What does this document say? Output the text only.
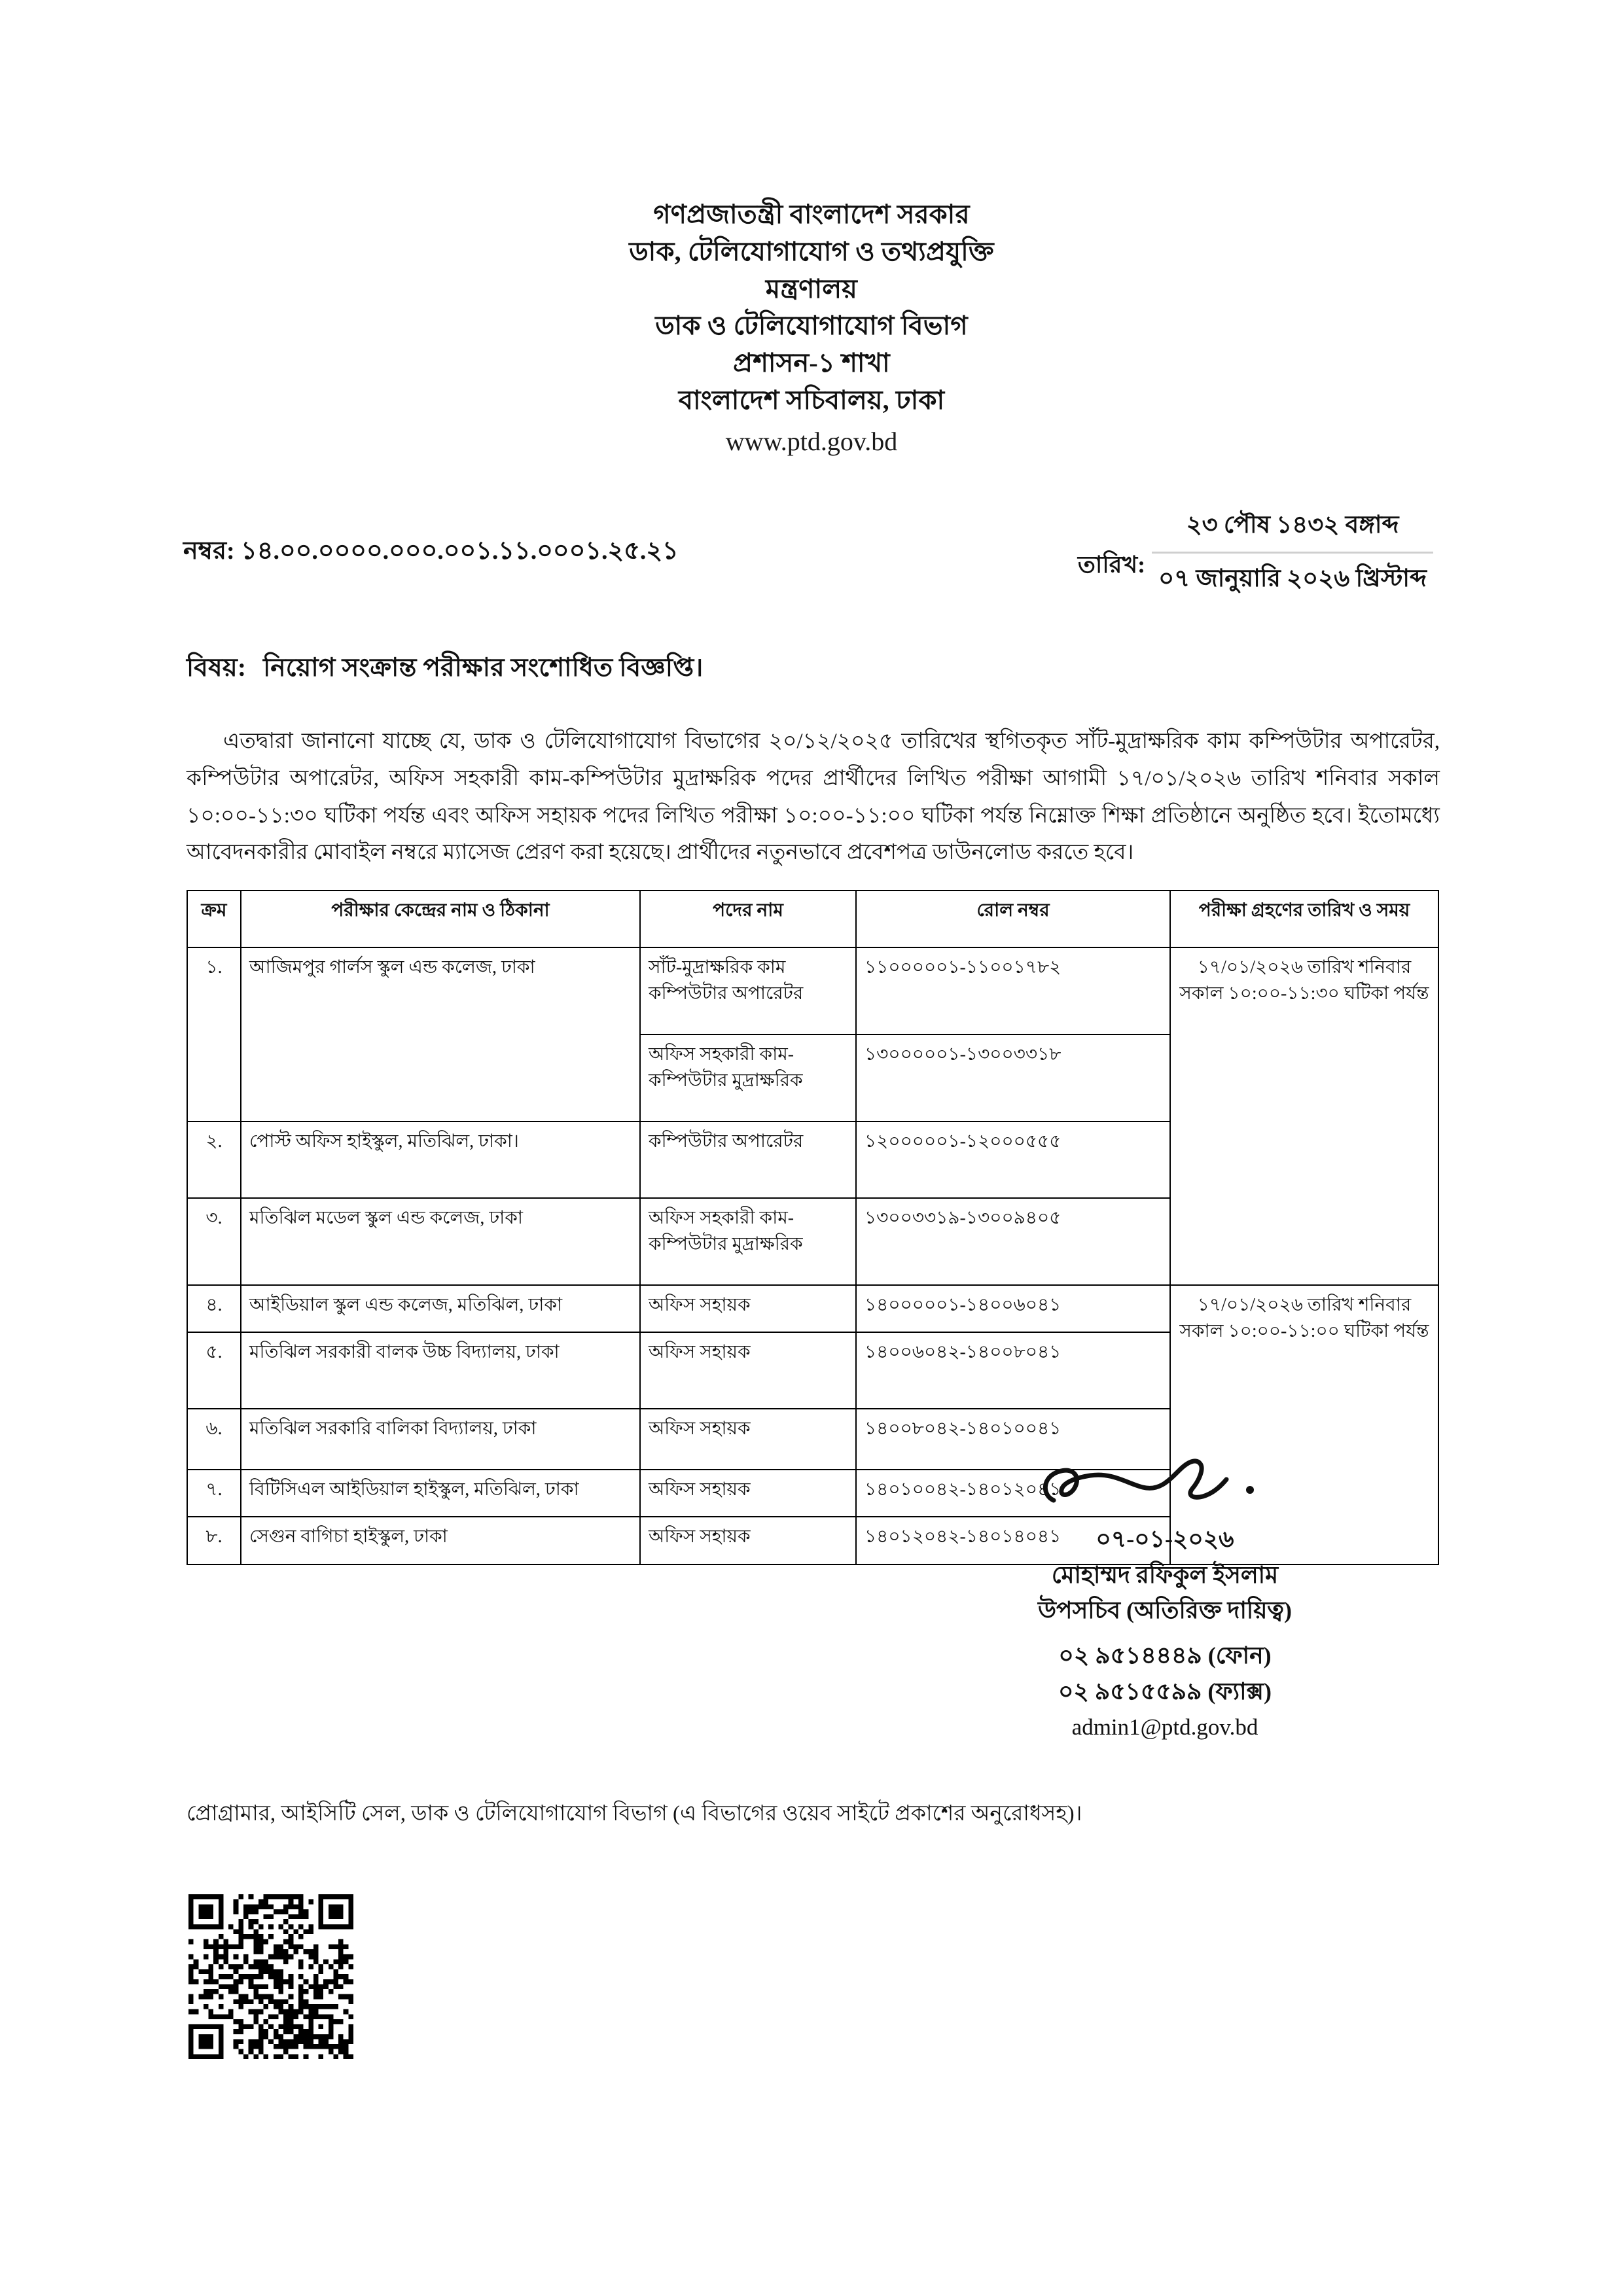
গণপ্রজাতন্ত্রী বাংলাদেশ সরকার
ডাক, টেলিযোগাযোগ ও তথ্যপ্রযুক্তি
মন্ত্রণালয়
ডাক ও টেলিযোগাযোগ বিভাগ
প্রশাসন-১ শাখা
বাংলাদেশ সচিবালয়, ঢাকা
www.ptd.gov.bd
নম্বর: ১৪.০০.০০০০.০০০.০০১.১১.০০০১.২৫.২১	তারিখ:
২৩ পৌষ ১৪৩২ বঙ্গাব্দ
০৭ জানুয়ারি ২০২৬ খ্রিস্টাব্দ
বিষয়: নিয়োগ সংক্রান্ত পরীক্ষার সংশোধিত বিজ্ঞপ্তি।
এতদ্বারা জানানো যাচ্ছে যে, ডাক ও টেলিযোগাযোগ বিভাগের ২০/১২/২০২৫ তারিখের স্থগিতকৃত সাঁট-মুদ্রাক্ষরিক কাম কম্পিউটার অপারেটর, কম্পিউটার অপারেটর, অফিস সহকারী কাম-কম্পিউটার মুদ্রাক্ষরিক পদের প্রার্থীদের লিখিত পরীক্ষা আগামী ১৭/০১/২০২৬ তারিখ শনিবার সকাল ১০:০০-১১:৩০ ঘটিকা পর্যন্ত এবং অফিস সহায়ক পদের লিখিত পরীক্ষা ১০:০০-১১:০০ ঘটিকা পর্যন্ত নিম্নোক্ত শিক্ষা প্রতিষ্ঠানে অনুষ্ঠিত হবে। ইতোমধ্যে আবেদনকারীর মোবাইল নম্বরে ম্যাসেজ প্রেরণ করা হয়েছে। প্রার্থীদের নতুনভাবে প্রবেশপত্র ডাউনলোড করতে হবে।
ক্রম	পরীক্ষার কেন্দ্রের নাম ও ঠিকানা	পদের নাম	রোল নম্বর	পরীক্ষা গ্রহণের তারিখ ও সময়
১.	আজিমপুর গার্লস স্কুল এন্ড কলেজ, ঢাকা	সাঁট-মুদ্রাক্ষরিক কাম কম্পিউটার অপারেটর	১১০০০০০১-১১০০১৭৮২	১৭/০১/২০২৬ তারিখ শনিবার সকাল ১০:০০-১১:৩০ ঘটিকা পর্যন্ত
		অফিস সহকারী কাম-কম্পিউটার মুদ্রাক্ষরিক	১৩০০০০০১-১৩০০৩৩১৮	
২.	পোস্ট অফিস হাইস্কুল, মতিঝিল, ঢাকা।	কম্পিউটার অপারেটর	১২০০০০০১-১২০০০৫৫৫	
৩.	মতিঝিল মডেল স্কুল এন্ড কলেজ, ঢাকা	অফিস সহকারী কাম-কম্পিউটার মুদ্রাক্ষরিক	১৩০০৩৩১৯-১৩০০৯৪০৫	
৪.	আইডিয়াল স্কুল এন্ড কলেজ, মতিঝিল, ঢাকা	অফিস সহায়ক	১৪০০০০০১-১৪০০৬০৪১	১৭/০১/২০২৬ তারিখ শনিবার সকাল ১০:০০-১১:০০ ঘটিকা পর্যন্ত
৫.	মতিঝিল সরকারী বালক উচ্চ বিদ্যালয়, ঢাকা	অফিস সহায়ক	১৪০০৬০৪২-১৪০০৮০৪১	
৬.	মতিঝিল সরকারি বালিকা বিদ্যালয়, ঢাকা	অফিস সহায়ক	১৪০০৮০৪২-১৪০১০০৪১	
৭.	বিটিসিএল আইডিয়াল হাইস্কুল, মতিঝিল, ঢাকা	অফিস সহায়ক	১৪০১০০৪২-১৪০১২০৪১	
৮.	সেগুন বাগিচা হাইস্কুল, ঢাকা	অফিস সহায়ক	১৪০১২০৪২-১৪০১৪০৪১		০৭-০১-২০২৬
মোহাম্মদ রফিকুল ইসলাম
উপসচিব (অতিরিক্ত দায়িত্ব)
০২ ৯৫১৪৪৪৯ (ফোন)
০২ ৯৫১৫৫৯৯ (ফ্যাক্স)
admin1@ptd.gov.bd
প্রোগ্রামার, আইসিটি সেল, ডাক ও টেলিযোগাযোগ বিভাগ (এ বিভাগের ওয়েব সাইটে প্রকাশের অনুরোধসহ)।
